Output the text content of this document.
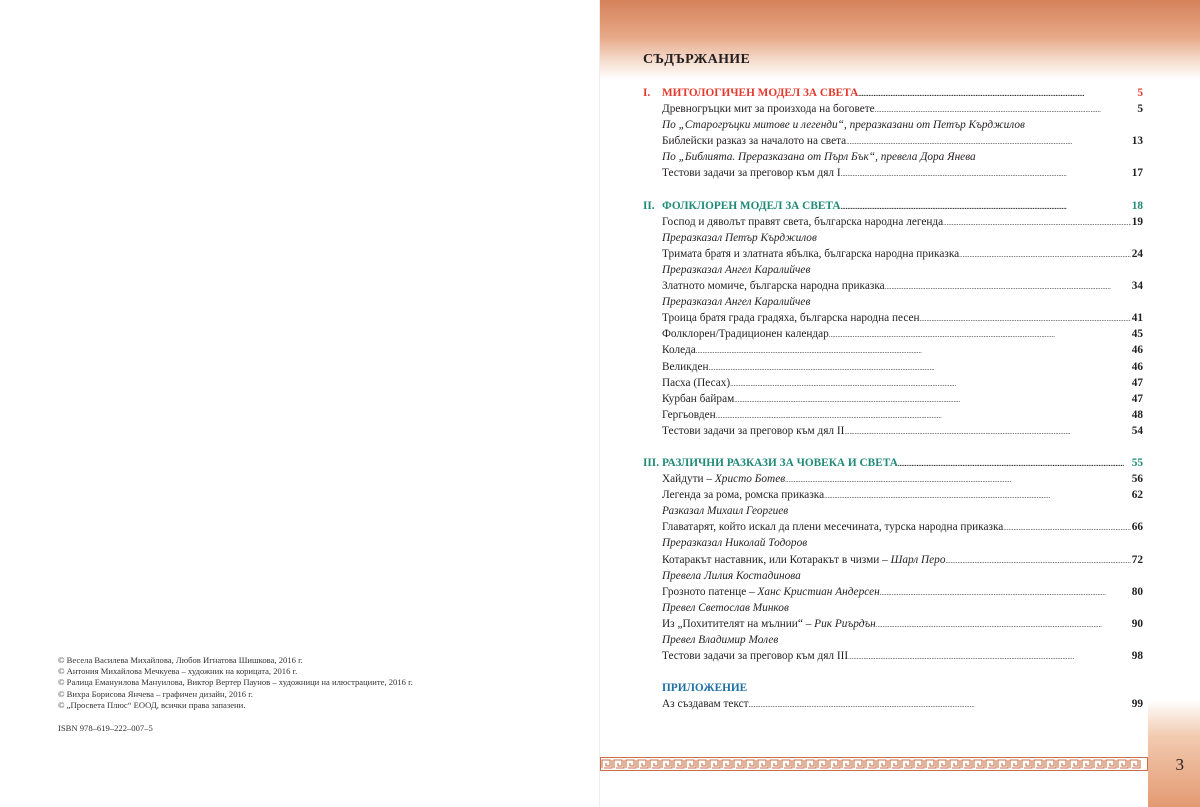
© Весела Василева Михайлова, Любов Игнатова Шишкова, 2016 г.
© Антония Михайлова Мечкуева – художник на корицата, 2016 г.
© Ралица Емануилова Мануилова, Виктор Вертер Паунов – художници на илюстрациите, 2016 г.
© Вихра Борисова Янчева – графичен дизайн, 2016 г.
© „Просвета Плюс“ ЕООД, всички права запазени.
ISBN 978–619–222–007–5
СЪДЪРЖАНИЕ
I.	МИТОЛОГИЧЕН МОДЕЛ ЗА СВЕТА . . .	5
Древногръцки мит за произхода на боговете . . .	5
По „Старогръцки митове и легенди“, преразказани от Петър Кърджилов
Библейски разказ за началото на света . . .	13
По „Библията. Преразказана от Пърл Бък“, превела Дора Янева
Тестови задачи за преговор към дял I . . .	17
II. ФОЛКЛОРЕН МОДЕЛ ЗА СВЕТА . . .	18
Господ и дяволът правят света, българска народна легенда . . .	19
Преразказал Петър Кърджилов
Тримата братя и златната ябълка, българска народна приказка . . .	24
Преразказал Ангел Каралийчев
Златното момиче, българска народна приказка . . .	34
Преразказал Ангел Каралийчев
Троица братя града градяха, българска народна песен . . .	41
Фолклорен/Традиционен календар . . .	45
Коледа . . .	46
Великден . . .	46
Пасха (Песах) . . .	47
Курбан байрам . . .	47
Гергьовден . . .	48
Тестови задачи за преговор към дял II . . .	54
III. РАЗЛИЧНИ РАЗКАЗИ ЗА ЧОВЕКА И СВЕТА . . .	55
Хайдути – Христо Ботев . . .	56
Легенда за рома, ромска приказка . . .	62
Разказал Михаил Георгиев
Главатарят, който искал да плени месечината, турска народна приказка . . .	66
Преразказал Николай Тодоров
Котаракът наставник, или Котаракът в чизми – Шарл Перо . . .	72
Превела Лилия Костадинова
Грозното патенце – Ханс Кристиан Андерсен . . .	80
Превел Светослав Минков
Из „Похитителят на мълнии“ – Рик Риърдън . . .	90
Превел Владимир Молев
Тестови задачи за преговор към дял III . . .	98
ПРИЛОЖЕНИЕ
Аз създавам текст . . .	99
3
